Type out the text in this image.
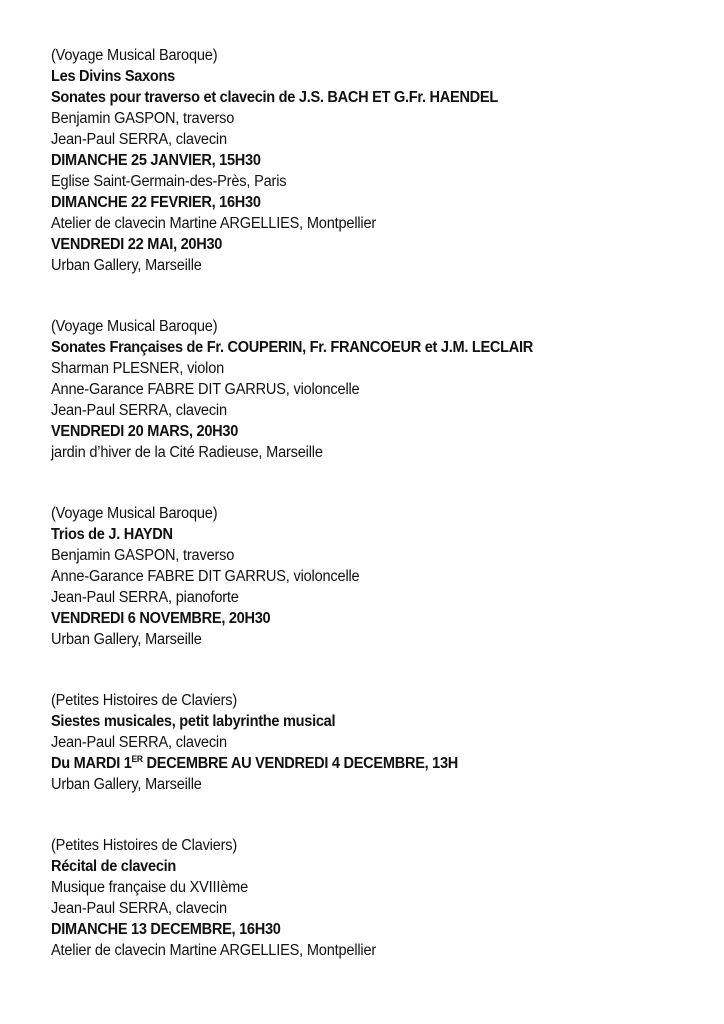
(Voyage Musical Baroque)
Les Divins Saxons
Sonates pour traverso et clavecin de J.S. BACH ET G.Fr. HAENDEL
Benjamin GASPON, traverso
Jean-Paul SERRA, clavecin
DIMANCHE 25 JANVIER, 15H30
Eglise Saint-Germain-des-Près, Paris
DIMANCHE 22 FEVRIER, 16H30
Atelier de clavecin Martine ARGELLIES, Montpellier
VENDREDI 22 MAI, 20H30
Urban Gallery, Marseille
(Voyage Musical Baroque)
Sonates Françaises de Fr. COUPERIN, Fr. FRANCOEUR et J.M. LECLAIR
Sharman PLESNER, violon
Anne-Garance FABRE DIT GARRUS, violoncelle
Jean-Paul SERRA, clavecin
VENDREDI 20 MARS, 20H30
jardin d’hiver de la Cité Radieuse, Marseille
(Voyage Musical Baroque)
Trios de J. HAYDN
Benjamin GASPON, traverso
Anne-Garance FABRE DIT GARRUS, violoncelle
Jean-Paul SERRA, pianoforte
VENDREDI 6 NOVEMBRE, 20H30
Urban Gallery, Marseille
(Petites Histoires de Claviers)
Siestes musicales, petit labyrinthe musical
Jean-Paul SERRA, clavecin
Du MARDI 1ER DECEMBRE AU VENDREDI 4 DECEMBRE, 13H
Urban Gallery, Marseille
(Petites Histoires de Claviers)
Récital de clavecin
Musique française du XVIIIème
Jean-Paul SERRA, clavecin
DIMANCHE 13 DECEMBRE, 16H30
Atelier de clavecin Martine ARGELLIES, Montpellier
